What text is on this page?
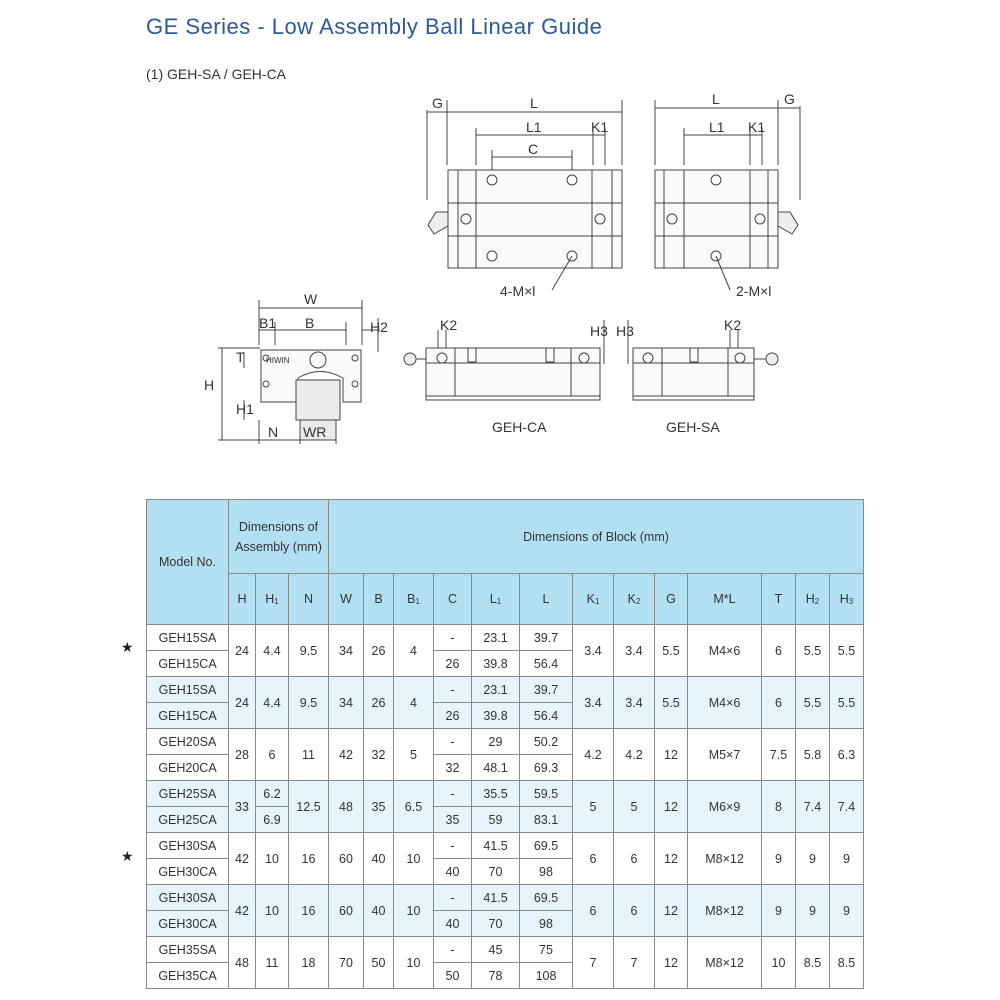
GE Series - Low Assembly Ball Linear Guide
(1) GEH-SA / GEH-CA
G	L
L1	K1
C
4-M×l
G
L
L1 K1
2-M×l
W
B1 B	H2
T
H
H1
N WR
HIWIN
K2	H3
GEH-CA
K2
H3
GEH-SA
Model No.	Dimensions of Assembly (mm)			Dimensions of Block (mm)												
	H	$H_1$	N	W	B	$B_1$	C	$L_1$	L	$K_1$	$K_2$	G	M*L	T	$H_2$	$H_3$
GEH15SA	24	4.4	9.5	34	26	4	-	23.1	39.7	3.4	3.4	5.5	M4×6	6	5.5	5.5
GEH15CA							26	39.8	56.4							
GEH15SA	24	4.4	9.5	34	26	4	-	23.1	39.7	3.4	3.4	5.5	M4×6	6	5.5	5.5
GEH15CA							26	39.8	56.4							
GEH20SA	28	6	11	42	32	5	-	29	50.2	4.2	4.2	12	M5×7	7.5	5.8	6.3
GEH20CA							32	48.1	69.3							
GEH25SA	33	6.2	12.5	48	35	6.5	-	35.5	59.5	5	5	12	M6×9	8	7.4	7.4
GEH25CA		6.9					35	59	83.1							
GEH30SA	42	10	16	60	40	10	-	41.5	69.5	6	6	12	M8×12	9	9	9
GEH30CA							40	70	98							
GEH30SA	42	10	16	60	40	10	-	41.5	69.5	6	6	12	M8×12	9	9	9
GEH30CA							40	70	98							
GEH35SA	48	11	18	70	50	10	-	45	75	7	7	12	M8×12	10	8.5	8.5
GEH35CA							50	78	108							
★
★
